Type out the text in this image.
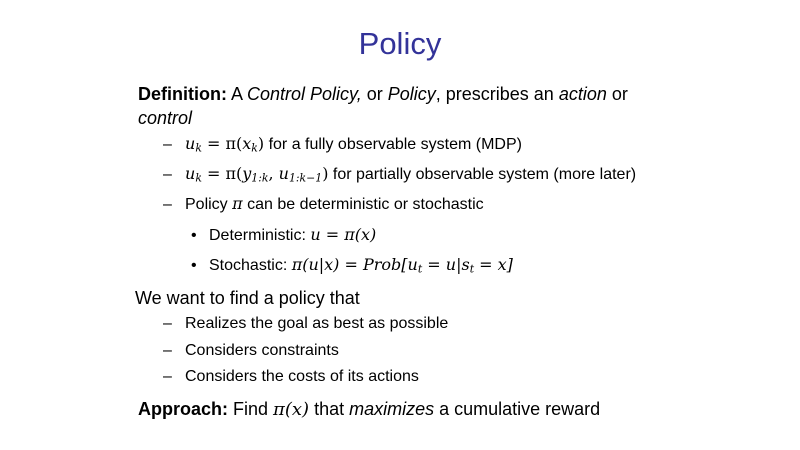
Policy
Definition: A Control Policy, or Policy, prescribes an action or
control
– $u_k = \pi(x_k)$ for a fully observable system (MDP)
– $u_k = \pi(y_{1:k}$, $u_{1:k-1}$) for partially observable system (more later)
– Policy π can be deterministic or stochastic
• Deterministic: u = π(x)
• Stochastic: $\pi(u|x) = Prob[u_t = u|s_t = x]$
We want to find a policy that
– Realizes the goal as best as possible
– Considers constraints
– Considers the costs of its actions
Approach: Find π(x) that maximizes a cumulative reward
